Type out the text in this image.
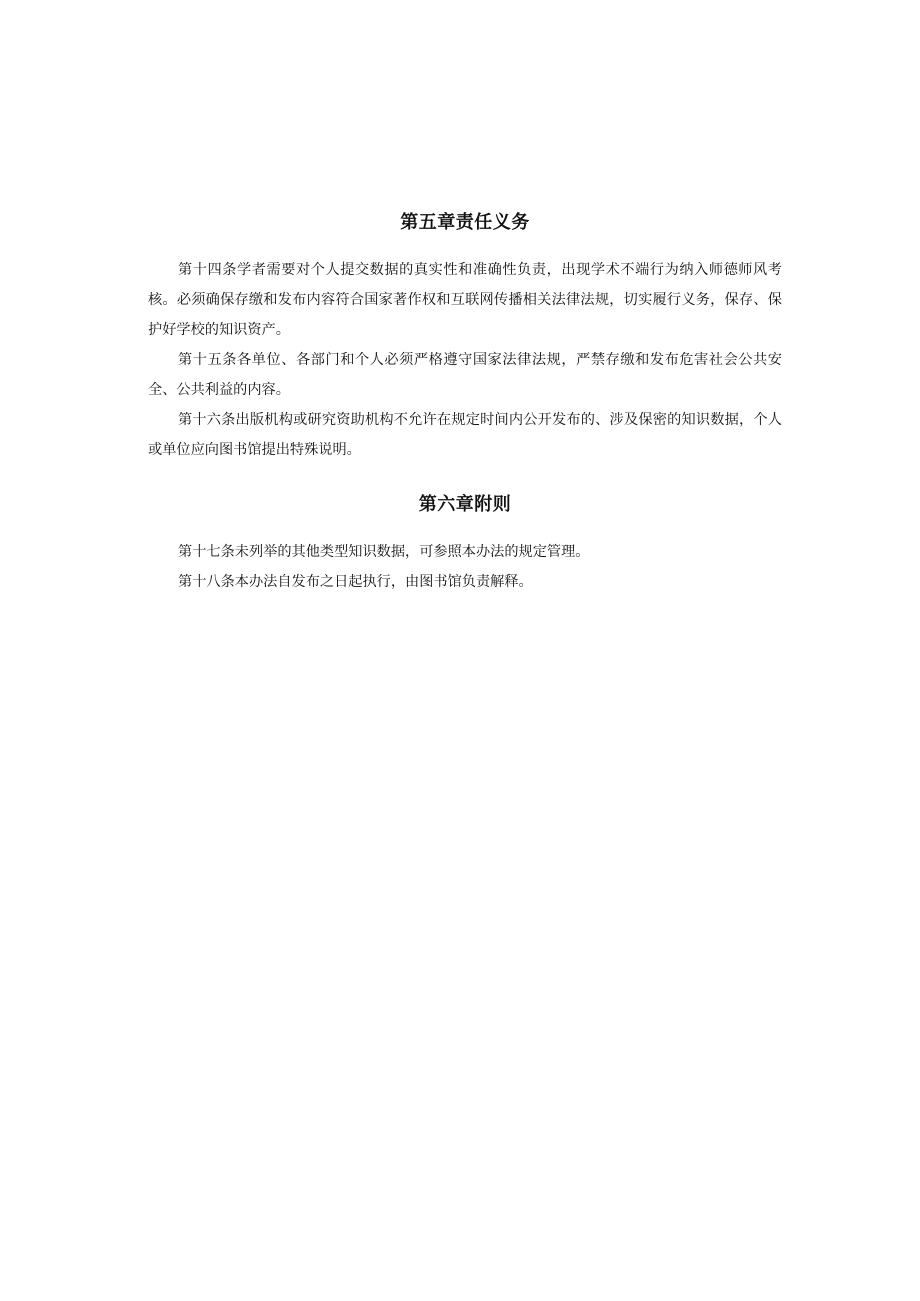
第五章责任义务

第十四条学者需要对个人提交数据的真实性和准确性负责，出现学术不端行为纳入师德师风考核。必须确保存缴和发布内容符合国家著作权和互联网传播相关法律法规，切实履行义务，保存、保护好学校的知识资产。

第十五条各单位、各部门和个人必须严格遵守国家法律法规，严禁存缴和发布危害社会公共安全、公共利益的内容。

第十六条出版机构或研究资助机构不允许在规定时间内公开发布的、涉及保密的知识数据，个人或单位应向图书馆提出特殊说明。

第六章附则

第十七条未列举的其他类型知识数据，可参照本办法的规定管理。

第十八条本办法自发布之日起执行，由图书馆负责解释。
